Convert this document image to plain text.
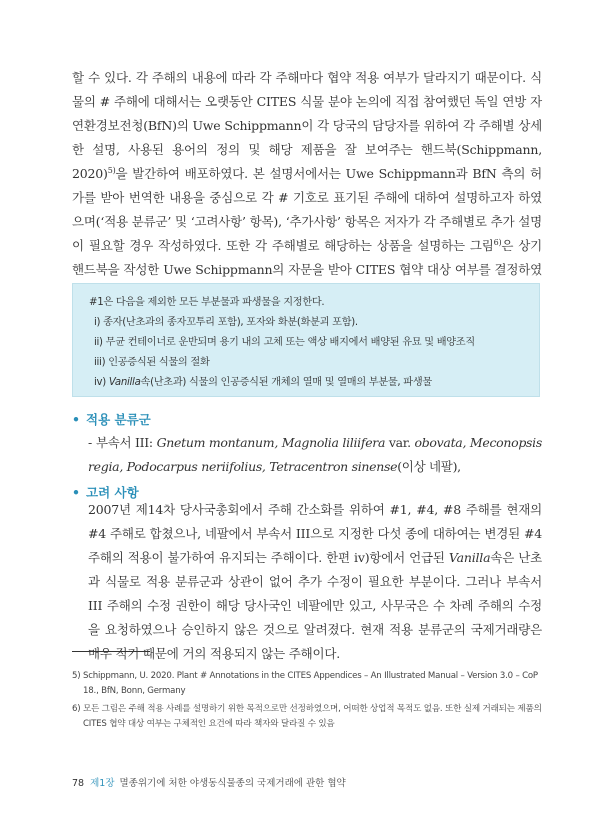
할 수 있다. 각 주해의 내용에 따라 각 주해마다 협약 적용 여부가 달라지기 때문이다. 식물의 # 주해에 대해서는 오랫동안 CITES 식물 분야 논의에 직접 참여했던 독일 연방 자연환경보전청(BfN)의 Uwe Schippmann이 각 당국의 담당자를 위하여 각 주해별 상세한 설명, 사용된 용어의 정의 및 해당 제품을 잘 보여주는 핸드북(Schippmann, 2020)$^{5)}$을 발간하여 배포하였다. 본 설명서에서는 Uwe Schippmann과 BfN 측의 허가를 받아 번역한 내용을 중심으로 각 # 기호로 표기된 주해에 대하여 설명하고자 하였으며(‘적용 분류군’ 및 ‘고려사항’ 항목), ‘추가사항’ 항목은 저자가 각 주해별로 추가 설명이 필요할 경우 작성하였다. 또한 각 주해별로 해당하는 상품을 설명하는 그림$^{6)}$은 상기 핸드북을 작성한 Uwe Schippmann의 자문을 받아 CITES 협약 대상 여부를 결정하였
#1은 다음을 제외한 모든 부분물과 파생물을 지정한다.
i) 종자(난초과의 종자꼬투리 포함), 포자와 화분(화분괴 포함).
ii) 무균 컨테이너로 운반되며 용기 내의 고체 또는 액상 배지에서 배양된 유묘 및 배양조직
iii) 인공증식된 식물의 절화
iv) Vanilla속(난초과) 식물의 인공증식된 개체의 열매 및 열매의 부분물, 파생물
• 적용 분류군
- 부속서 III: Gnetum montanum, Magnolia liliifera var. obovata, Meconopsis regia, Podocarpus neriifolius, Tetracentron sinense(이상 네팔),
• 고려 사항
2007년 제14차 당사국총회에서 주해 간소화를 위하여 #1, #4, #8 주해를 현재의 #4 주해로 합쳤으나, 네팔에서 부속서 III으로 지정한 다섯 종에 대하여는 변경된 #4 주해의 적용이 불가하여 유지되는 주해이다. 한편 iv)항에서 언급된 Vanilla속은 난초과 식물로 적용 분류군과 상관이 없어 추가 수정이 필요한 부분이다. 그러나 부속서 III 주해의 수정 권한이 해당 당사국인 네팔에만 있고, 사무국은 수 차례 주해의 수정을 요청하였으나 승인하지 않은 것으로 알려졌다. 현재 적용 분류군의 국제거래량은 매우 적기 때문에 거의 적용되지 않는 주해이다.
5) Schippmann, U. 2020. Plant # Annotations in the CITES Appendices – An Illustrated Manual – Version 3.0 – CoP
18., BfN, Bonn, Germany
6) 모든 그림은 주해 적용 사례를 설명하기 위한 목적으로만 선정하였으며, 어떠한 상업적 목적도 없음. 또한 실제 거래되는 제품의
CITES 협약 대상 여부는 구체적인 요건에 따라 책자와 달라질 수 있음
78 제1장 멸종위기에 처한 야생동식물종의 국제거래에 관한 협약
